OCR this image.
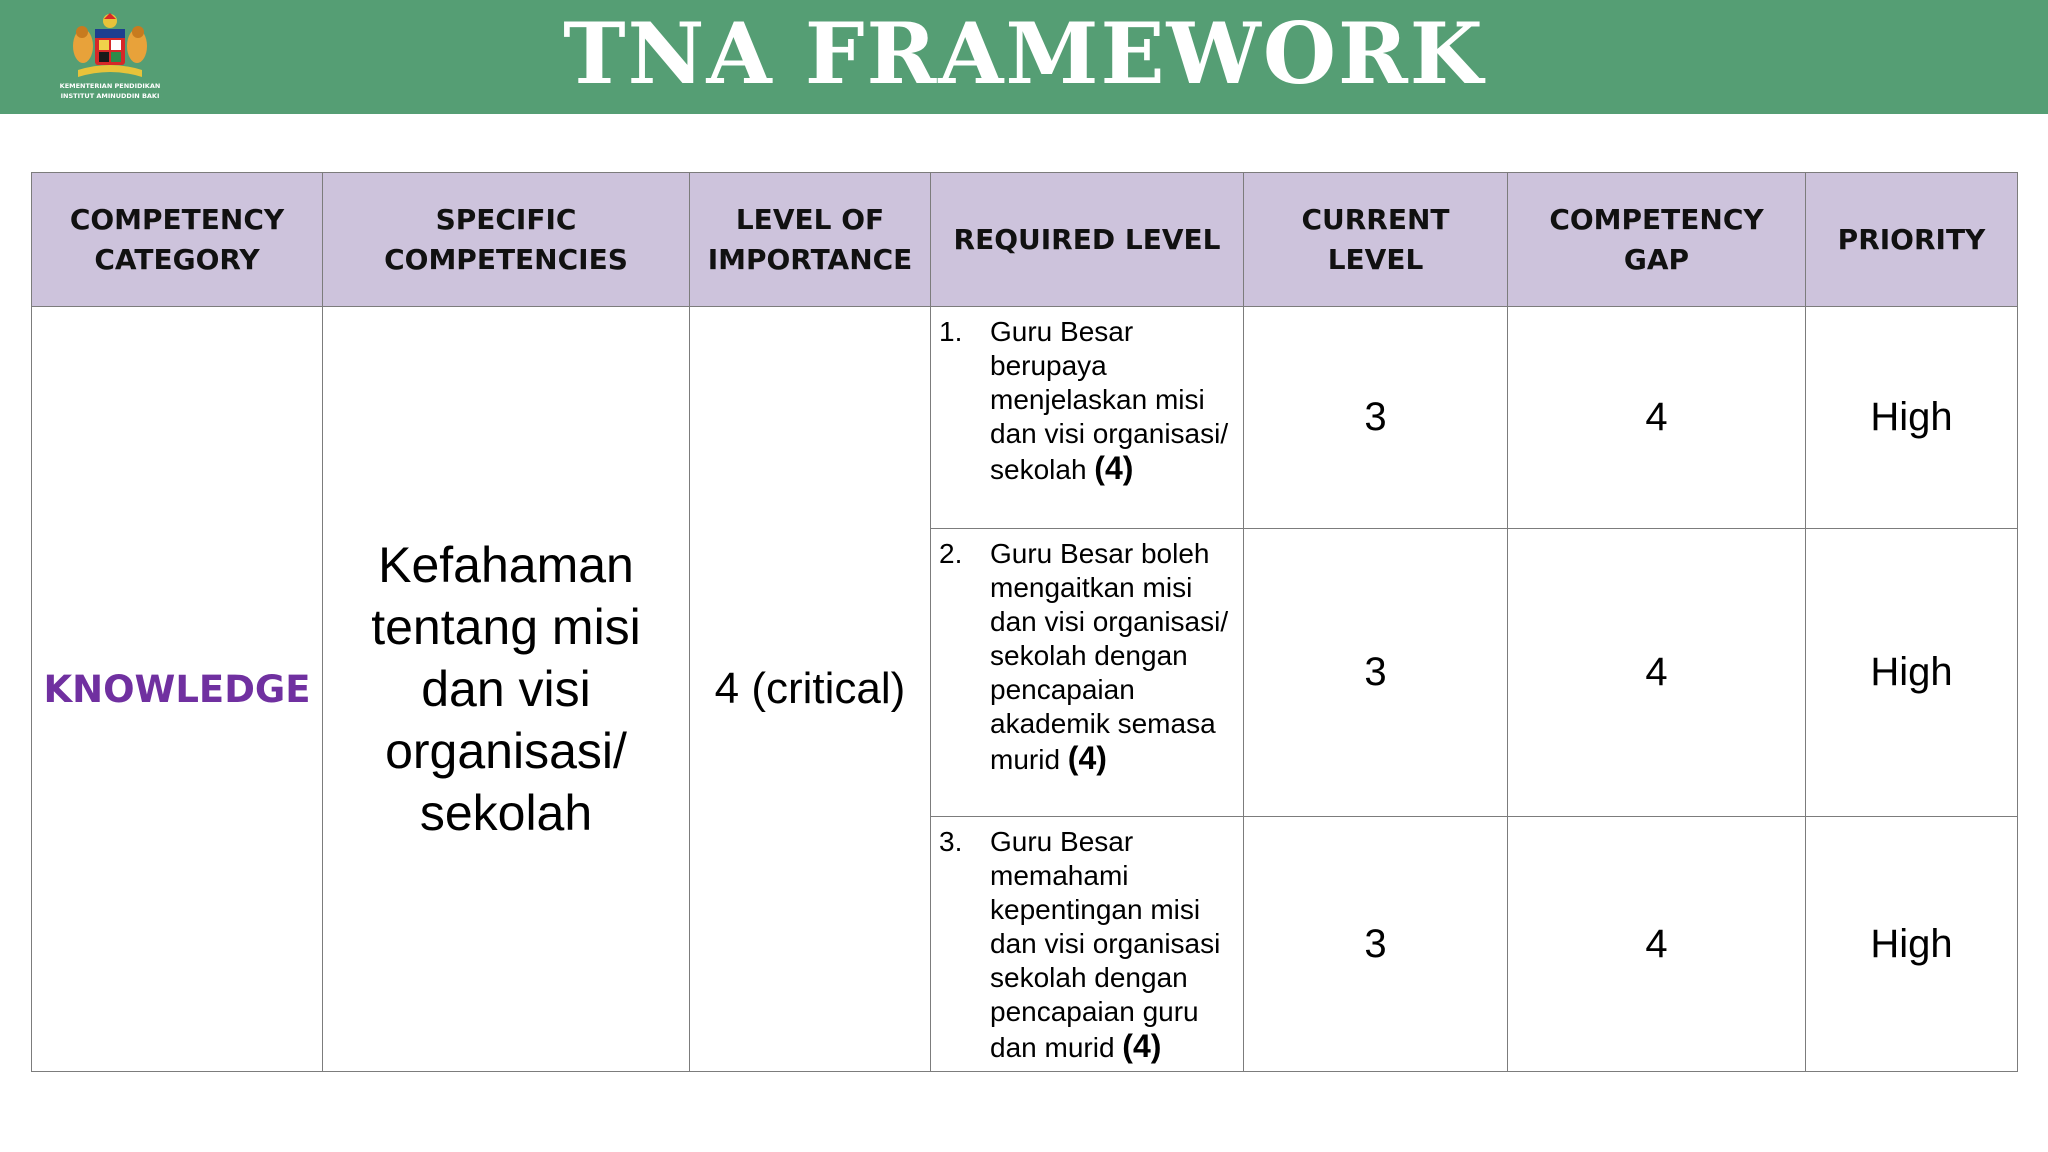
KEMENTERIAN PENDIDIKAN
INSTITUT AMINUDDIN BAKI	TNA FRAMEWORK
COMPETENCY CATEGORY	SPECIFIC COMPETENCIES	LEVEL OF IMPORTANCE	REQUIRED LEVEL	CURRENT LEVEL	COMPETENCY GAP	PRIORITY
KNOWLEDGE	Kefahaman tentang misi dan visi organisasi/ sekolah	4 (critical)	1. Guru Besar berupaya menjelaskan misi dan visi organisasi/ sekolah (4)	3	4	High

			2. Guru Besar boleh mengaitkan misi dan visi organisasi/ sekolah dengan pencapaian akademik semasa murid (4)	3	4	High

			3. Guru Besar memahami kepentingan misi dan visi organisasi sekolah dengan pencapaian guru dan murid (4)	3	4	High
